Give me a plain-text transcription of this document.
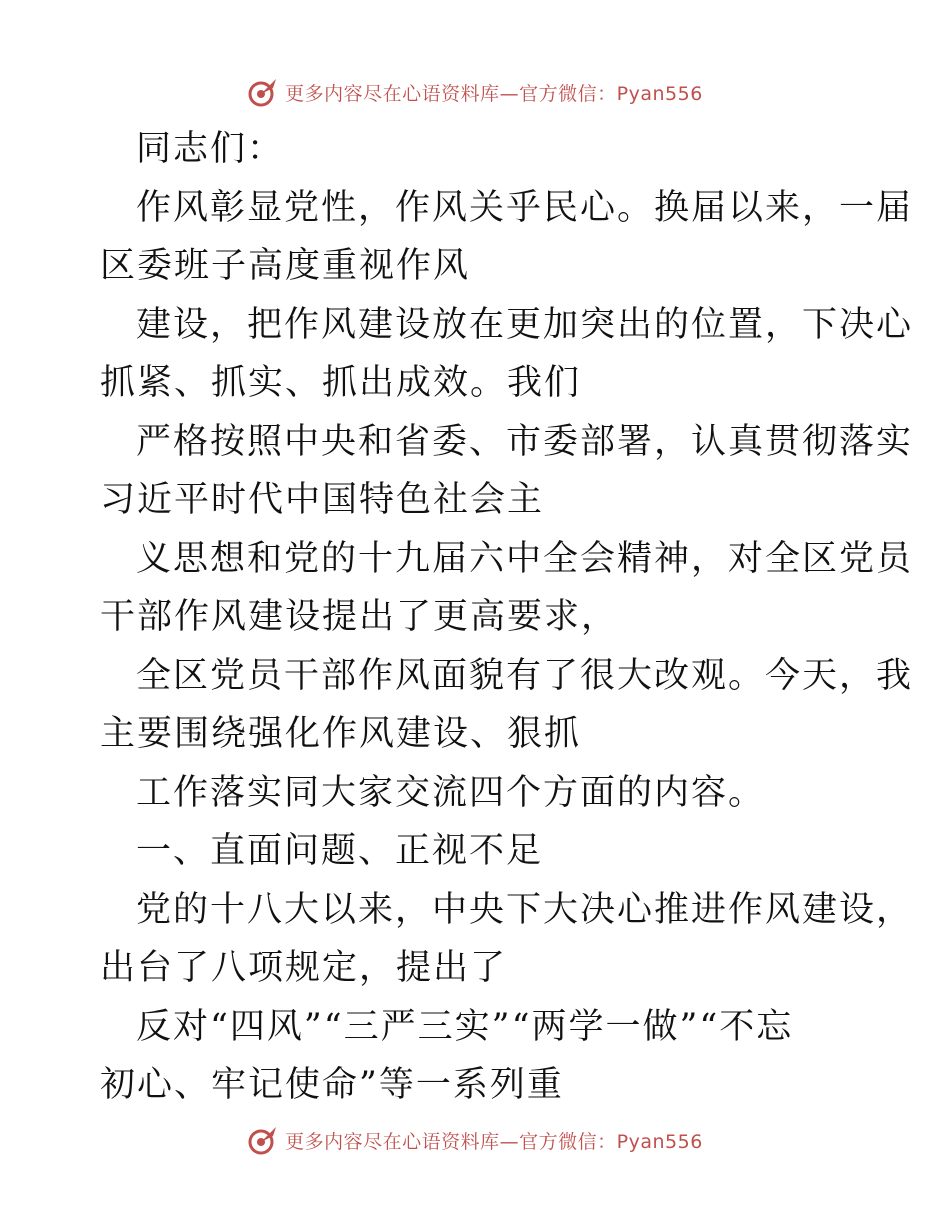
更多内容尽在心语资料库—官方微信：Pyan556
同志们：
作风彰显党性，作风关乎民心。换届以来，一届
区委班子高度重视作风
建设，把作风建设放在更加突出的位置，下决心
抓紧、抓实、抓出成效。我们
严格按照中央和省委、市委部署，认真贯彻落实
习近平时代中国特色社会主
义思想和党的十九届六中全会精神，对全区党员
干部作风建设提出了更高要求，
全区党员干部作风面貌有了很大改观。今天，我
主要围绕强化作风建设、狠抓
工作落实同大家交流四个方面的内容。
一、直面问题、正视不足
党的十八大以来，中央下大决心推进作风建设，
出台了八项规定，提出了
反对“四风”“三严三实”“两学一做”“不忘
初心、牢记使命”等一系列重
更多内容尽在心语资料库—官方微信：Pyan556
